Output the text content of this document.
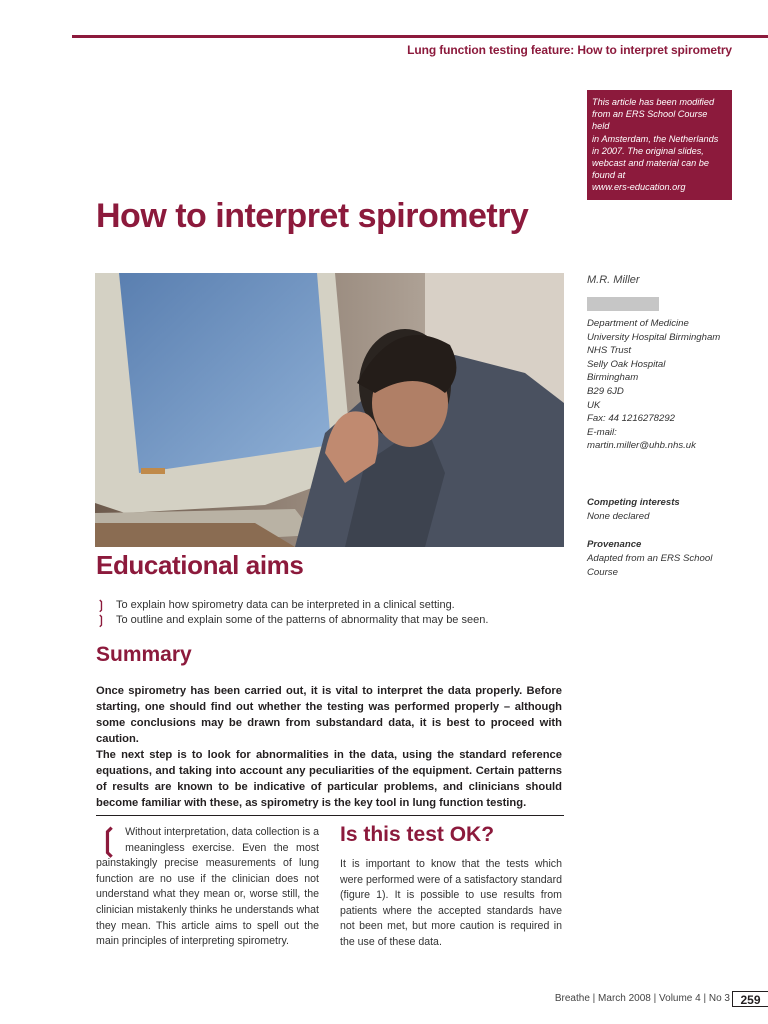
Lung function testing feature: How to interpret spirometry
This article has been modified
from an ERS School Course held
in Amsterdam, the Netherlands
in 2007. The original slides,
webcast and material can be
found at
www.ers-education.org
How to interpret spirometry
M.R. Miller
Department of Medicine
University Hospital Birmingham
NHS Trust
Selly Oak Hospital
Birmingham
B29 6JD
UK
Fax: 44 1216278292
E-mail:
martin.miller@uhb.nhs.uk
Competing interests
None declared
Provenance
Adapted from an ERS School
Course
Educational aims
❳ To explain how spirometry data can be interpreted in a clinical setting.
❳ To outline and explain some of the patterns of abnormality that may be seen.
Summary

Once spirometry has been carried out, it is vital to interpret the data properly. Before starting, one should find out whether the testing was performed properly – although some conclusions may be drawn from substandard data, it is best to proceed with caution.

The next step is to look for abnormalities in the data, using the standard reference equations, and taking into account any peculiarities of the equipment. Certain patterns of results are known to be indicative of particular problems, and clinicians should become familiar with these, as spirometry is the key tool in lung function testing.

❲ Without interpretation, data collection is a meaningless exercise. Even the most painstakingly precise measurements of lung function are no use if the clinician does not understand what they mean or, worse still, the clinician mistakenly thinks he understands what they mean. This article aims to spell out the main principles of interpreting spirometry.
Is this test OK?
It is important to know that the tests which were performed were of a satisfactory standard (figure 1). It is possible to use results from patients where the accepted standards have not been met, but more caution is required in the use of these data.
Breathe | March 2008 | Volume 4 | No 3 259
